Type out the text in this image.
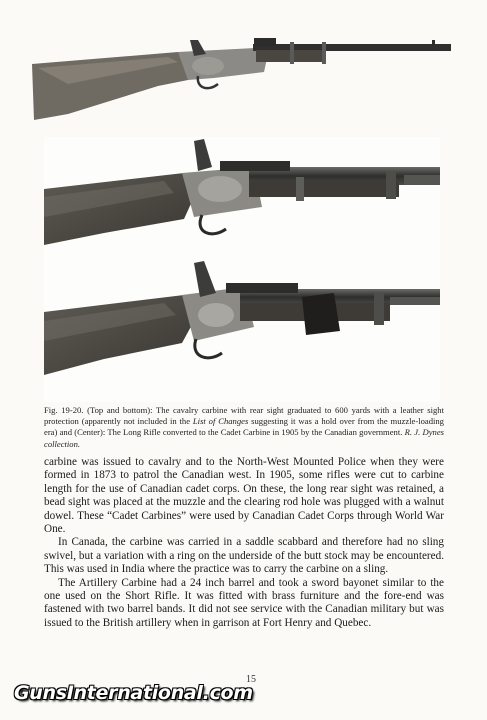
Fig. 19-20. (Top and bottom): The cavalry carbine with rear sight graduated to 600 yards with a leather sight protection (apparently not included in the List of Changes suggesting it was a hold over from the muzzle-loading era) and (Center): The Long Rifle converted to the Cadet Carbine in 1905 by the Canadian government. R. J. Dynes collection.

carbine was issued to cavalry and to the North-West Mounted Police when they were formed in 1873 to patrol the Canadian west. In 1905, some rifles were cut to carbine length for the use of Canadian cadet corps. On these, the long rear sight was retained, a bead sight was placed at the muzzle and the clearing rod hole was plugged with a walnut dowel. These “Cadet Carbines” were used by Canadian Cadet Corps through World War One.

In Canada, the carbine was carried in a saddle scabbard and therefore had no sling swivel, but a variation with a ring on the underside of the butt stock may be encountered. This was used in India where the practice was to carry the carbine on a sling.

The Artillery Carbine had a 24 inch barrel and took a sword bayonet similar to the one used on the Short Rifle. It was fitted with brass furniture and the fore-end was fastened with two barrel bands. It did not see service with the Canadian military but was issued to the British artillery when in garrison at Fort Henry and Quebec.

15
GunsInternational.com
